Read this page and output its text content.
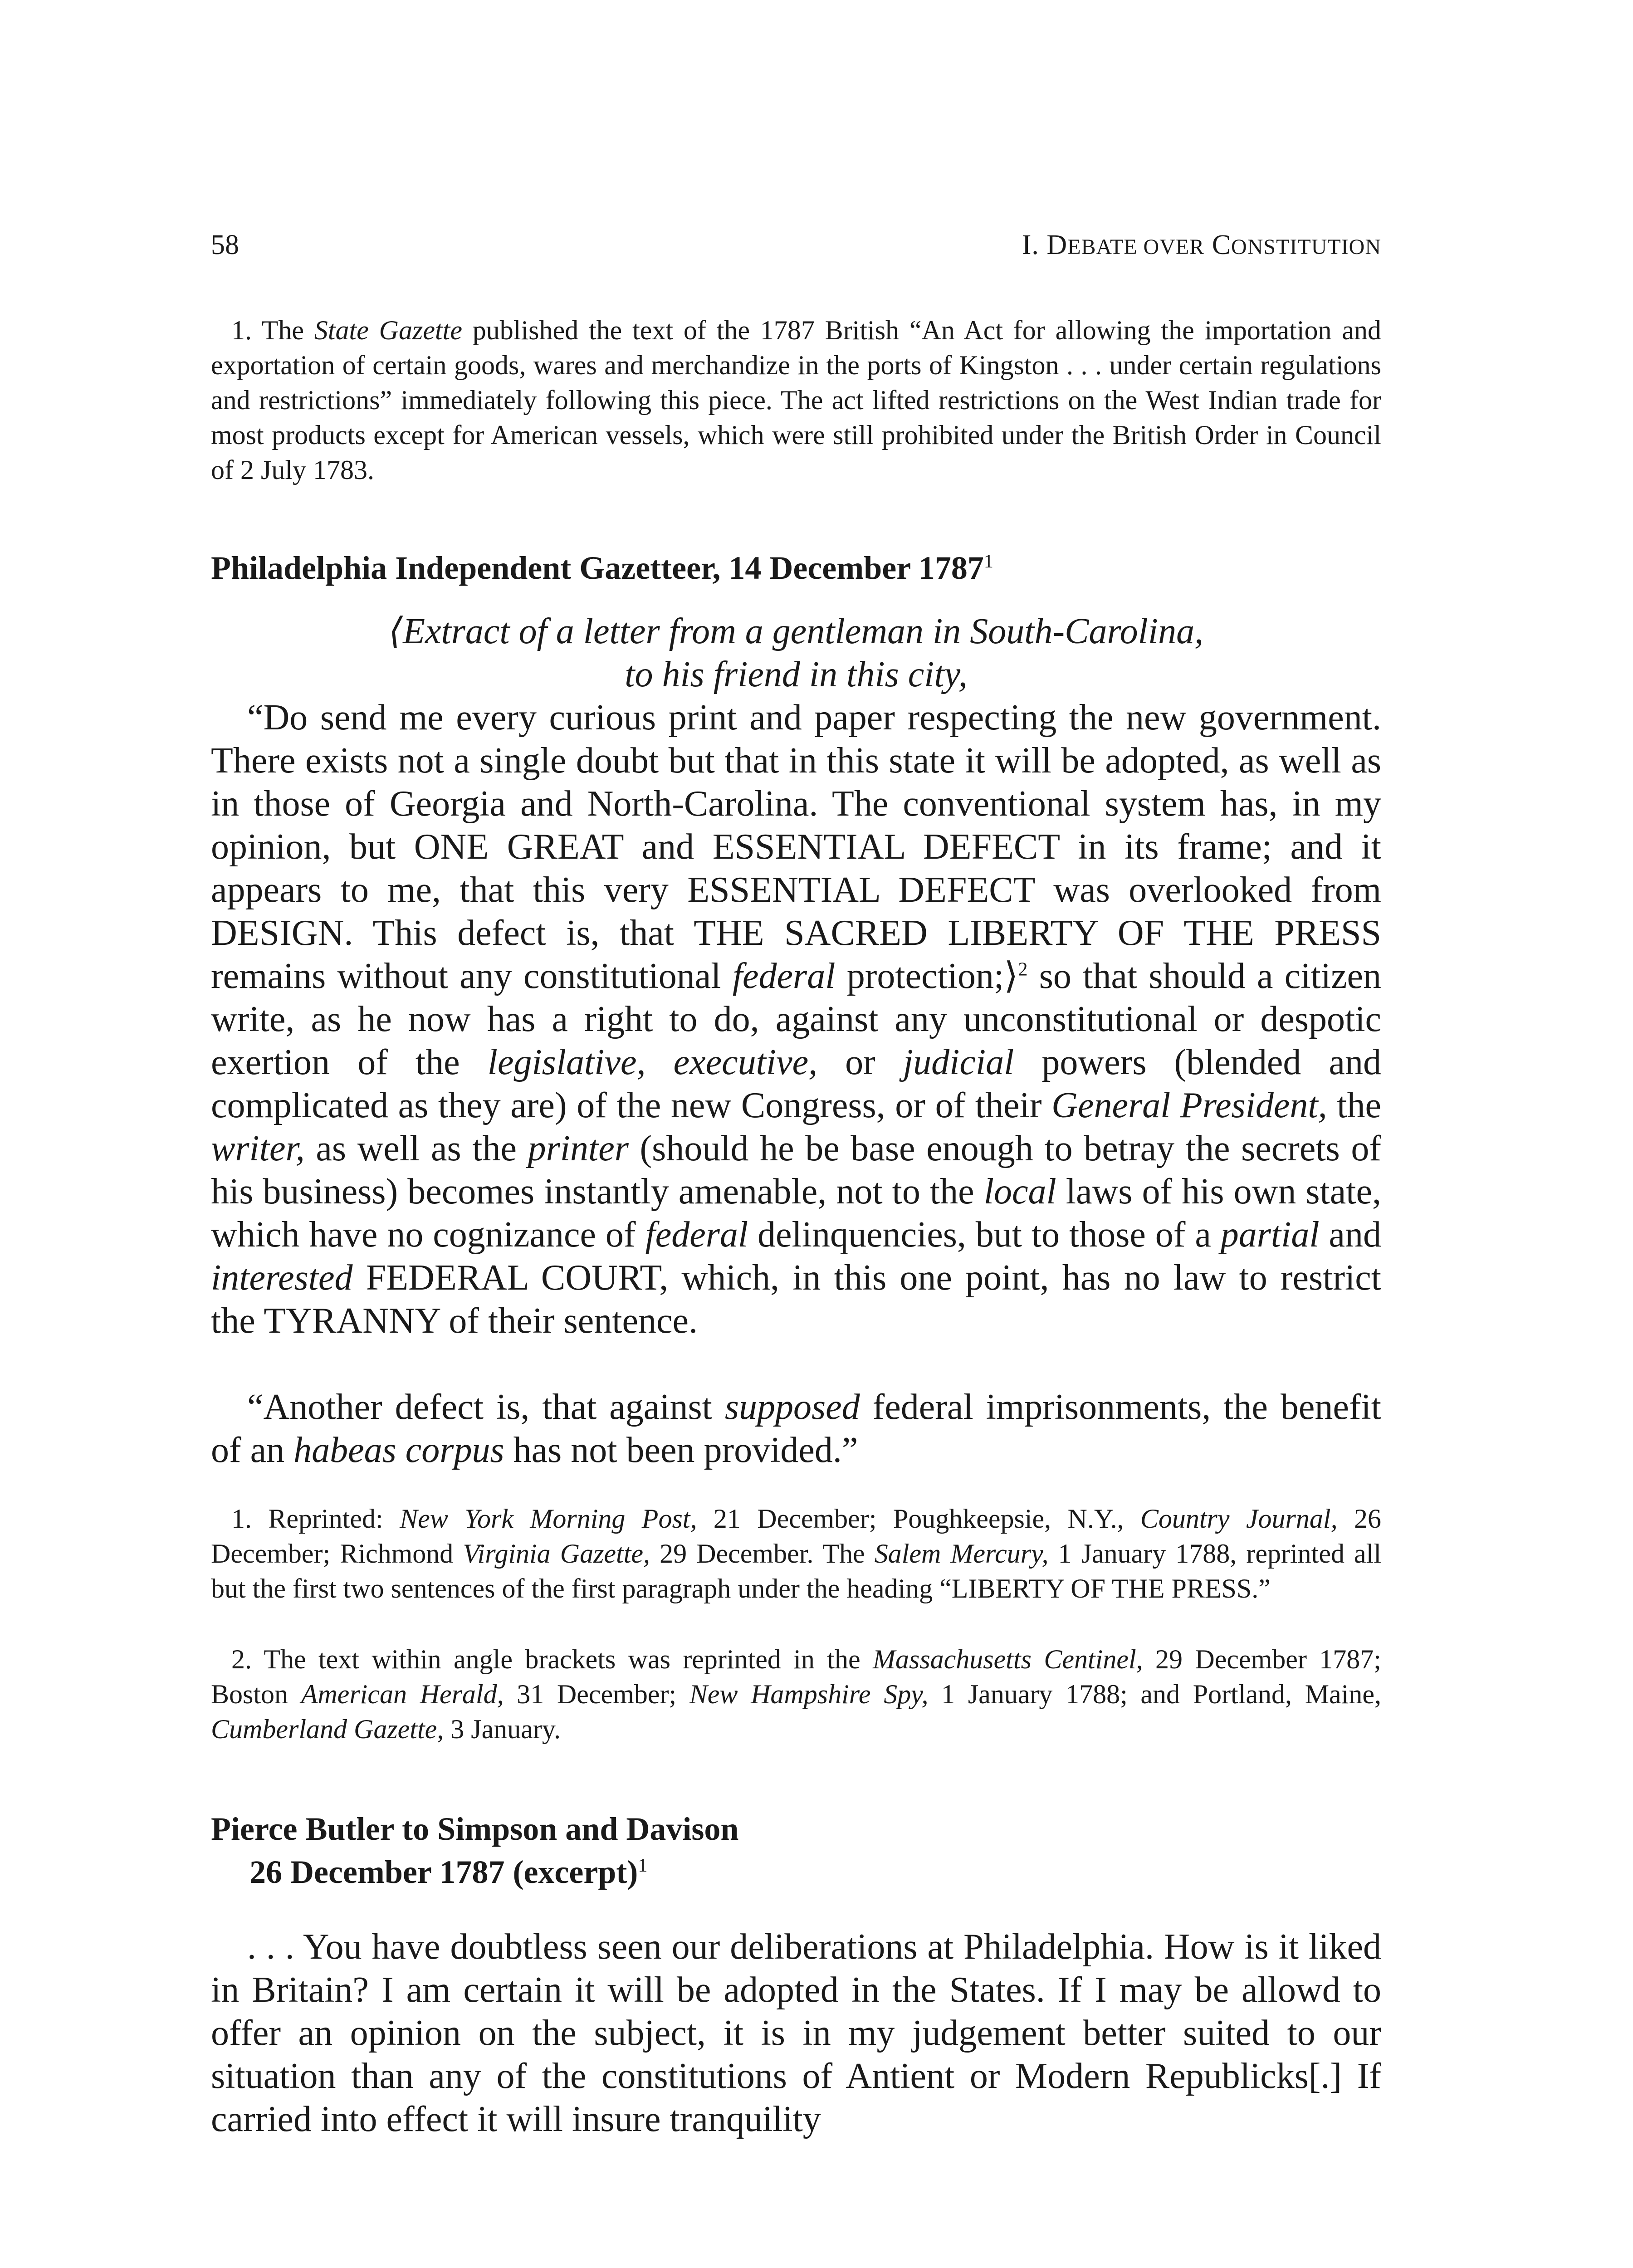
58	I. DEBATE OVER CONSTITUTION

1. The State Gazette published the text of the 1787 British “An Act for allowing the importation and exportation of certain goods, wares and merchandize in the ports of Kingston . . . under certain regulations and restrictions” immediately following this piece. The act lifted restrictions on the West Indian trade for most products except for American vessels, which were still prohibited under the British Order in Council of 2 July 1783.

Philadelphia Independent Gazetteer, 14 December 1787$^1$

⟨Extract of a letter from a gentleman in South-Carolina,

to his friend in this city,

“Do send me every curious print and paper respecting the new government. There exists not a single doubt but that in this state it will be adopted, as well as in those of Georgia and North-Carolina. The conventional system has, in my opinion, but ONE GREAT and ESSENTIAL DEFECT in its frame; and it appears to me, that this very ESSENTIAL DEFECT was overlooked from DESIGN. This defect is, that THE SACRED LIBERTY OF THE PRESS remains without any constitutional federal protection;⟩$^2$ so that should a citizen write, as he now has a right to do, against any unconstitutional or despotic exertion of the legislative, executive, or judicial powers (blended and complicated as they are) of the new Congress, or of their General President, the writer, as well as the printer (should he be base enough to betray the secrets of his business) becomes instantly amenable, not to the local laws of his own state, which have no cognizance of federal delinquencies, but to those of a partial and interested FEDERAL COURT, which, in this one point, has no law to restrict the TYRANNY of their sentence.

“Another defect is, that against supposed federal imprisonments, the benefit of an habeas corpus has not been provided.”

1. Reprinted: New York Morning Post, 21 December; Poughkeepsie, N.Y., Country Journal, 26 December; Richmond Virginia Gazette, 29 December. The Salem Mercury, 1 January 1788, reprinted all but the first two sentences of the first paragraph under the heading “LIBERTY OF THE PRESS.”

2. The text within angle brackets was reprinted in the Massachusetts Centinel, 29 December 1787; Boston American Herald, 31 December; New Hampshire Spy, 1 January 1788; and Portland, Maine, Cumberland Gazette, 3 January.

Pierce Butler to Simpson and Davison
26 December 1787 (excerpt)$^1$

. . . You have doubtless seen our deliberations at Philadelphia. How is it liked in Britain? I am certain it will be adopted in the States. If I may be allowd to offer an opinion on the subject, it is in my judgement better suited to our situation than any of the constitutions of Antient or Modern Republicks[.] If carried into effect it will insure tranquility
